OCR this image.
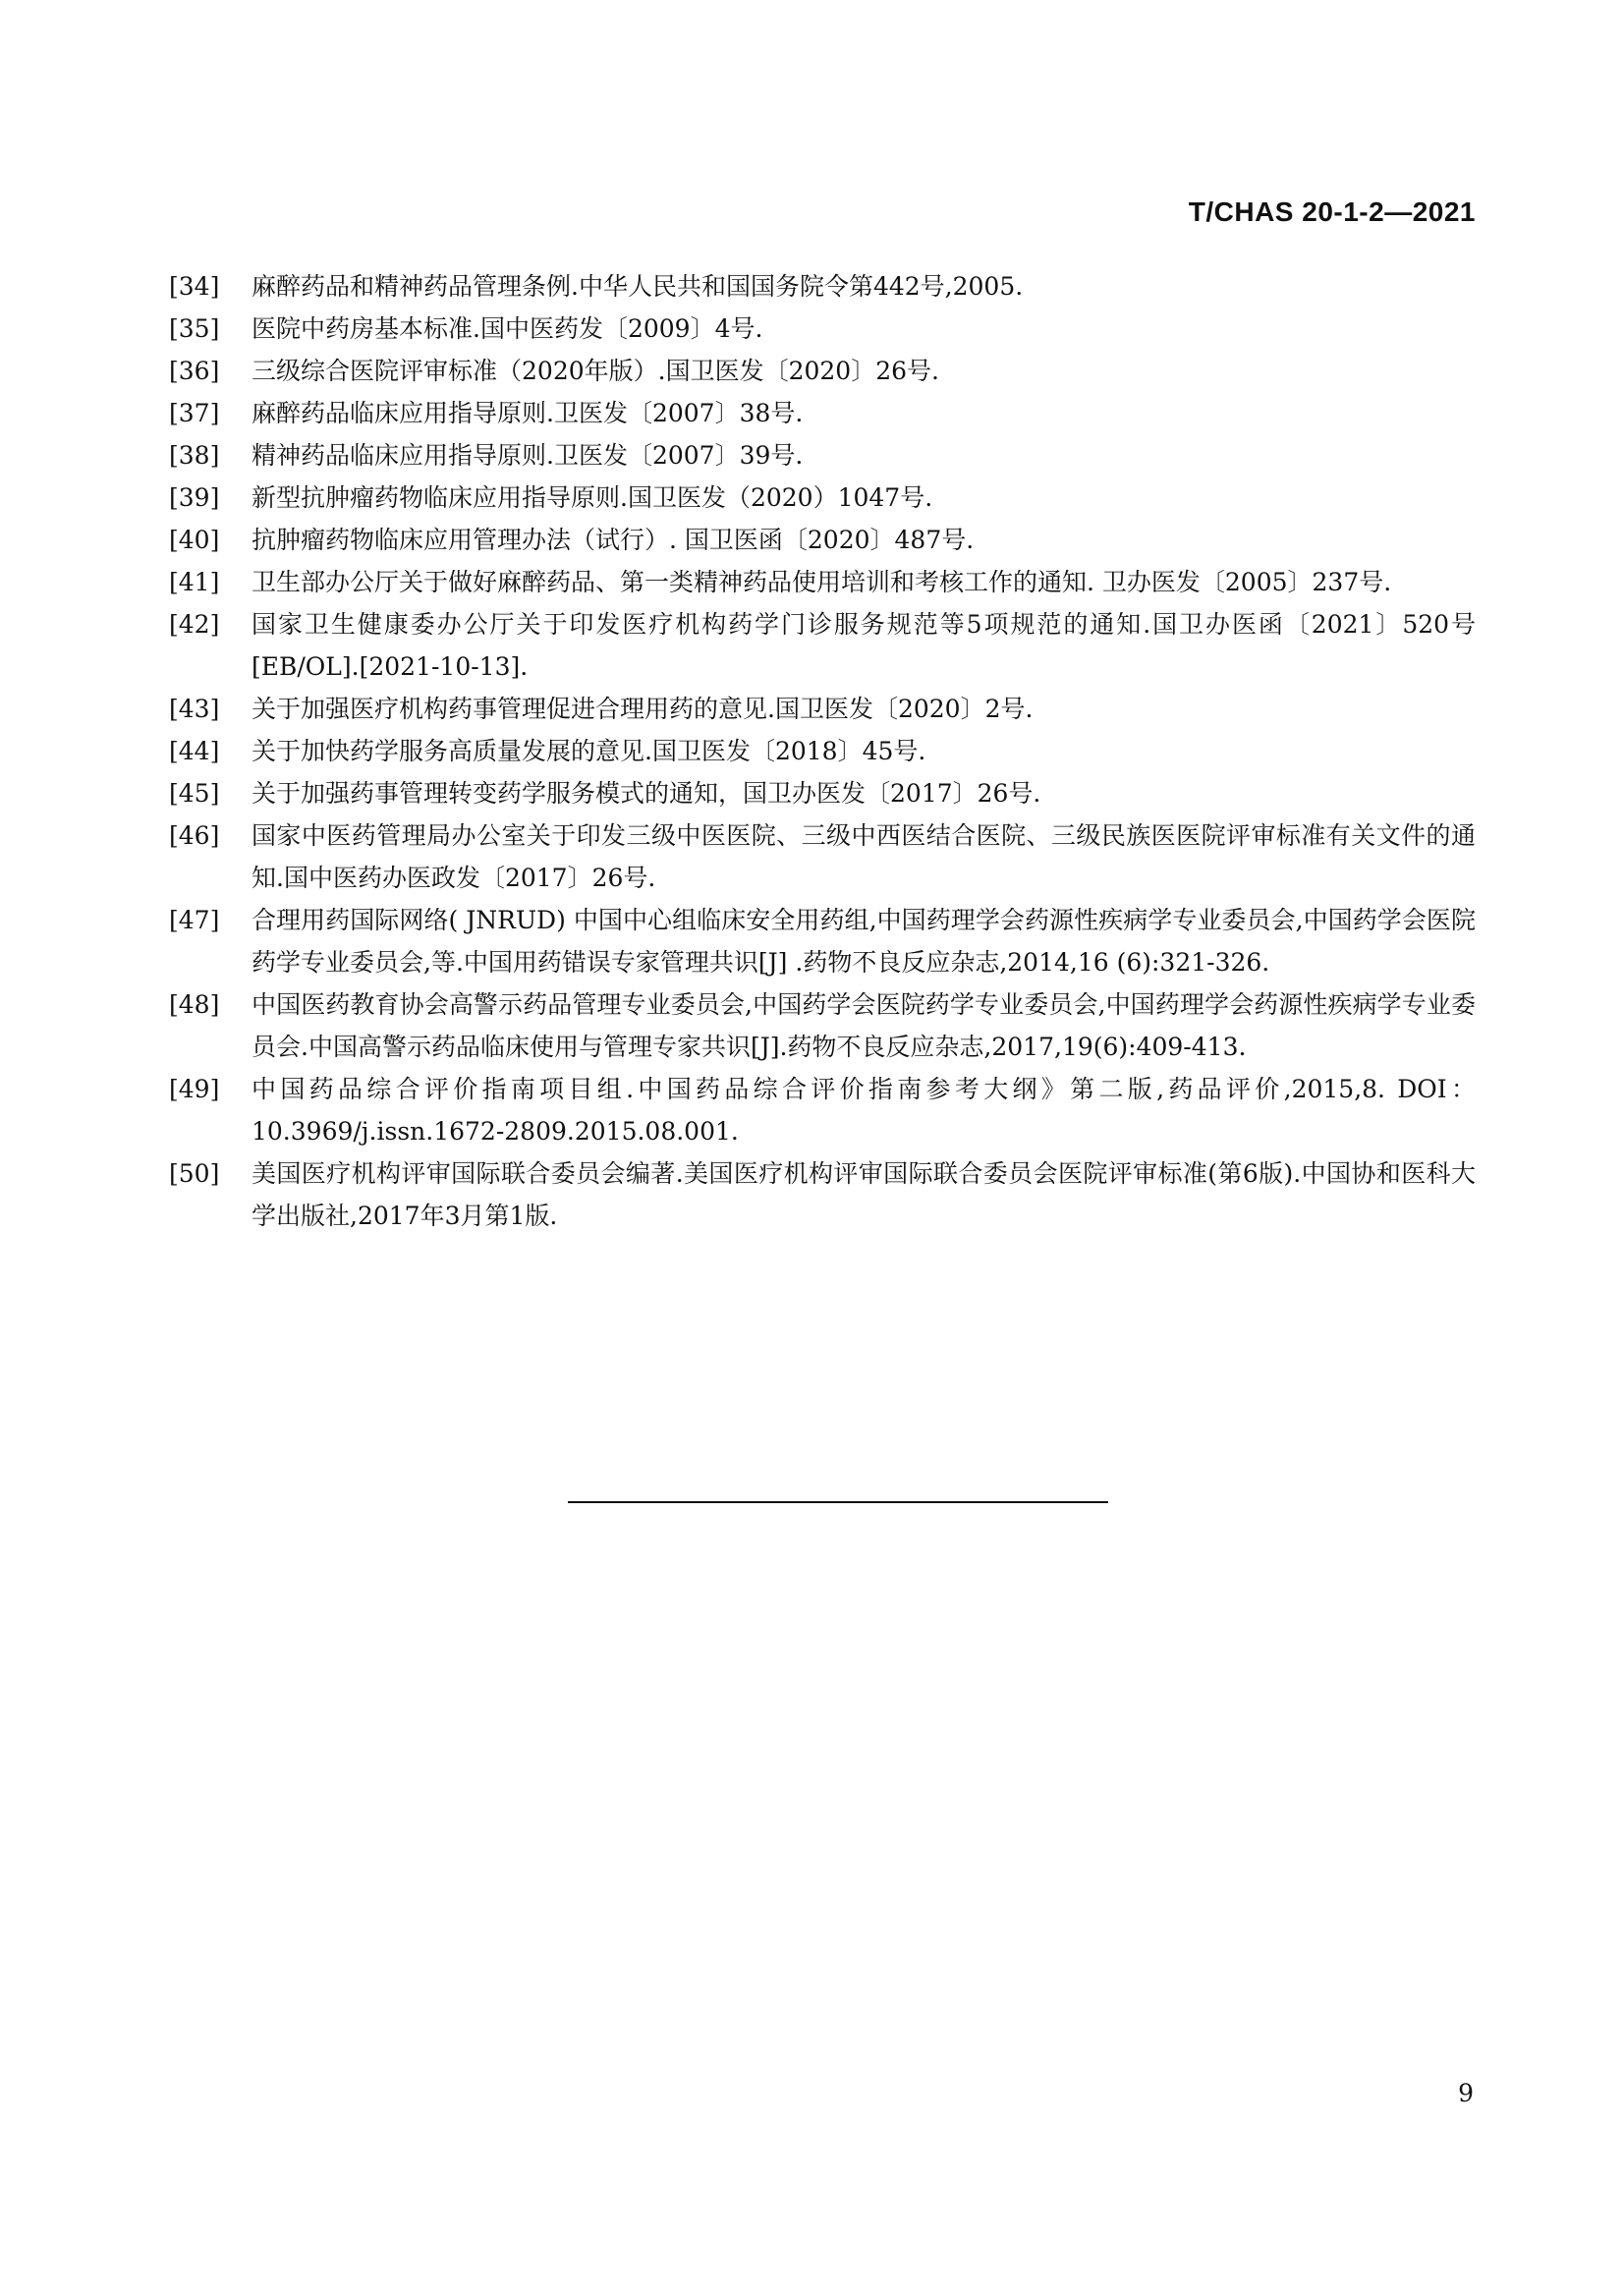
T/CHAS 20-1-2—2021
[34]	麻醉药品和精神药品管理条例.中华人民共和国国务院令第442号,2005.
[35]	医院中药房基本标准.国中医药发〔2009〕4号.
[36]	三级综合医院评审标准（2020年版）.国卫医发〔2020〕26号.
[37]	麻醉药品临床应用指导原则.卫医发〔2007〕38号.
[38]	精神药品临床应用指导原则.卫医发〔2007〕39号.
[39]	新型抗肿瘤药物临床应用指导原则.国卫医发（2020）1047号.
[40]	抗肿瘤药物临床应用管理办法（试行）. 国卫医函〔2020〕487号.
[41]	卫生部办公厅关于做好麻醉药品、第一类精神药品使用培训和考核工作的通知. 卫办医发〔2005〕237号.
[42]	国家卫生健康委办公厅关于印发医疗机构药学门诊服务规范等5项规范的通知.国卫办医函〔2021〕520号[EB/OL].[2021-10-13].
[43]	关于加强医疗机构药事管理促进合理用药的意见.国卫医发〔2020〕2号.
[44]	关于加快药学服务高质量发展的意见.国卫医发〔2018〕45号.
[45]	关于加强药事管理转变药学服务模式的通知，国卫办医发〔2017〕26号.
[46]	国家中医药管理局办公室关于印发三级中医医院、三级中西医结合医院、三级民族医医院评审标准有关文件的通知.国中医药办医政发〔2017〕26号.
[47]	合理用药国际网络( JNRUD) 中国中心组临床安全用药组,中国药理学会药源性疾病学专业委员会,中国药学会医院药学专业委员会,等.中国用药错误专家管理共识[J] .药物不良反应杂志,2014,16 (6):321-326.
[48]	中国医药教育协会高警示药品管理专业委员会,中国药学会医院药学专业委员会,中国药理学会药源性疾病学专业委员会.中国高警示药品临床使用与管理专家共识[J].药物不良反应杂志,2017,19(6):409-413.
[49]	中国药品综合评价指南项目组.中国药品综合评价指南参考大纲》第二版,药品评价,2015,8. DOI：10.3969/j.issn.1672-2809.2015.08.001.
[50]	美国医疗机构评审国际联合委员会编著.美国医疗机构评审国际联合委员会医院评审标准(第6版).中国协和医科大学出版社,2017年3月第1版.
9
